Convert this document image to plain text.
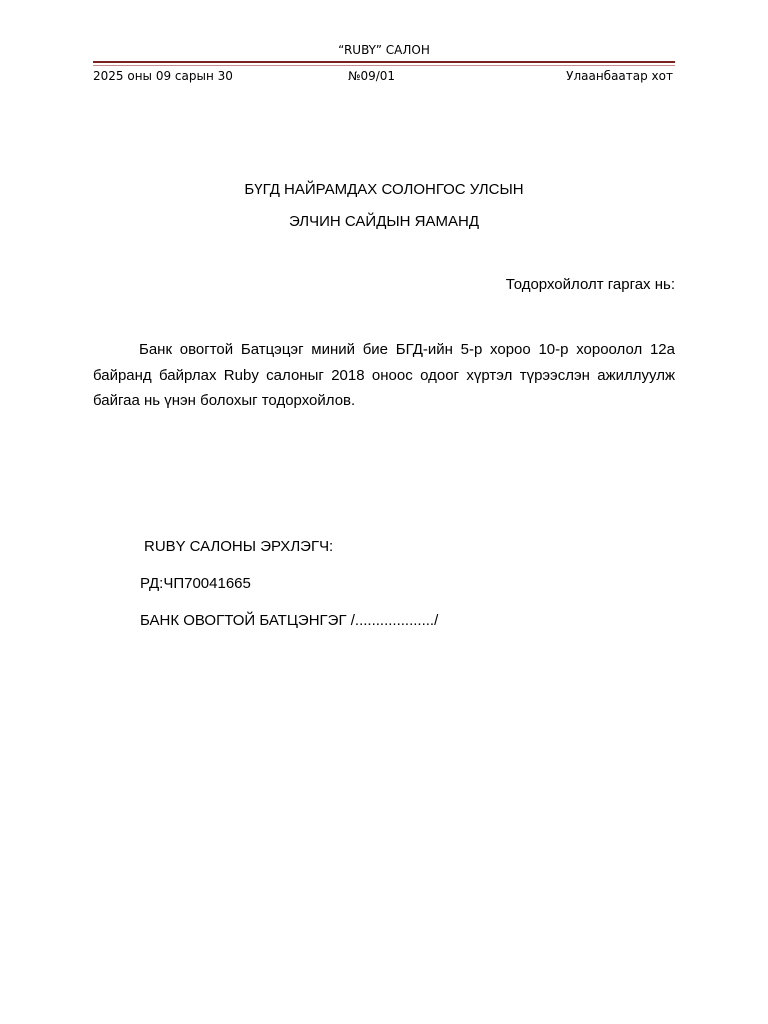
“RUBY” САЛОН
2025 оны 09 сарын 30	№09/01	Улаанбаатар хот
БҮГД НАЙРАМДАХ СОЛОНГОС УЛСЫН
ЭЛЧИН САЙДЫН ЯАМАНД
Тодорхойлолт гаргах нь:

Банк овогтой Батцэцэг миний бие БГД-ийн 5-р хороо 10-р хороолол 12а байранд байрлах Ruby салоныг 2018 оноос одоог хүртэл түрээслэн ажиллуулж байгаа нь үнэн болохыг тодорхойлов.

RUBY САЛОНЫ ЭРХЛЭГЧ:
РД:ЧП70041665
БАНК ОВОГТОЙ БАТЦЭНГЭГ /.................../
